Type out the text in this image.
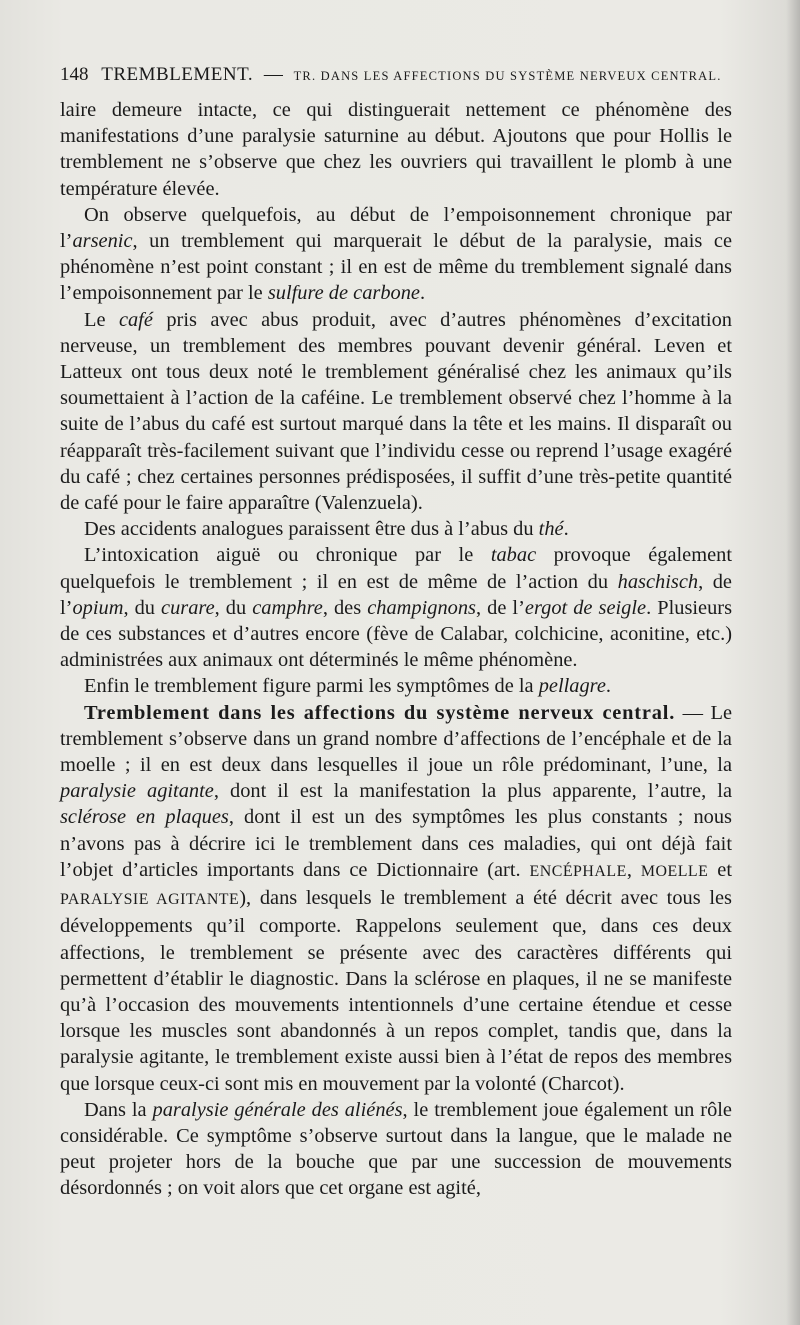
148 TREMBLEMENT. — TR. DANS LES AFFECTIONS DU SYSTÈME NERVEUX CENTRAL.

laire demeure intacte, ce qui distinguerait nettement ce phénomène des manifestations d’une paralysie saturnine au début. Ajoutons que pour Hollis le tremblement ne s’observe que chez les ouvriers qui travaillent le plomb à une température élevée.

On observe quelquefois, au début de l’empoisonnement chronique par l’arsenic, un tremblement qui marquerait le début de la paralysie, mais ce phénomène n’est point constant ; il en est de même du tremblement signalé dans l’empoisonnement par le sulfure de carbone.

Le café pris avec abus produit, avec d’autres phénomènes d’excitation nerveuse, un tremblement des membres pouvant devenir général. Leven et Latteux ont tous deux noté le tremblement généralisé chez les animaux qu’ils soumettaient à l’action de la caféine. Le tremblement observé chez l’homme à la suite de l’abus du café est surtout marqué dans la tête et les mains. Il disparaît ou réapparaît très-facilement suivant que l’individu cesse ou reprend l’usage exagéré du café ; chez certaines personnes prédisposées, il suffit d’une très-petite quantité de café pour le faire apparaître (Valenzuela).

Des accidents analogues paraissent être dus à l’abus du thé.

L’intoxication aiguë ou chronique par le tabac provoque également quelquefois le tremblement ; il en est de même de l’action du haschisch, de l’opium, du curare, du camphre, des champignons, de l’ergot de seigle. Plusieurs de ces substances et d’autres encore (fève de Calabar, colchicine, aconitine, etc.) administrées aux animaux ont déterminés le même phénomène.

Enfin le tremblement figure parmi les symptômes de la pellagre.

Tremblement dans les affections du système nerveux central. — Le tremblement s’observe dans un grand nombre d’affections de l’encéphale et de la moelle ; il en est deux dans lesquelles il joue un rôle prédominant, l’une, la paralysie agitante, dont il est la manifestation la plus apparente, l’autre, la sclérose en plaques, dont il est un des symptômes les plus constants ; nous n’avons pas à décrire ici le tremblement dans ces maladies, qui ont déjà fait l’objet d’articles importants dans ce Dictionnaire (art. ENCÉPHALE, MOELLE et PARALYSIE AGITANTE), dans lesquels le tremblement a été décrit avec tous les développements qu’il comporte. Rappelons seulement que, dans ces deux affections, le tremblement se présente avec des caractères différents qui permettent d’établir le diagnostic. Dans la sclérose en plaques, il ne se manifeste qu’à l’occasion des mouvements intentionnels d’une certaine étendue et cesse lorsque les muscles sont abandonnés à un repos complet, tandis que, dans la paralysie agitante, le tremblement existe aussi bien à l’état de repos des membres que lorsque ceux-ci sont mis en mouvement par la volonté (Charcot).

Dans la paralysie générale des aliénés, le tremblement joue également un rôle considérable. Ce symptôme s’observe surtout dans la langue, que le malade ne peut projeter hors de la bouche que par une succession de mouvements désordonnés ; on voit alors que cet organe est agité,
